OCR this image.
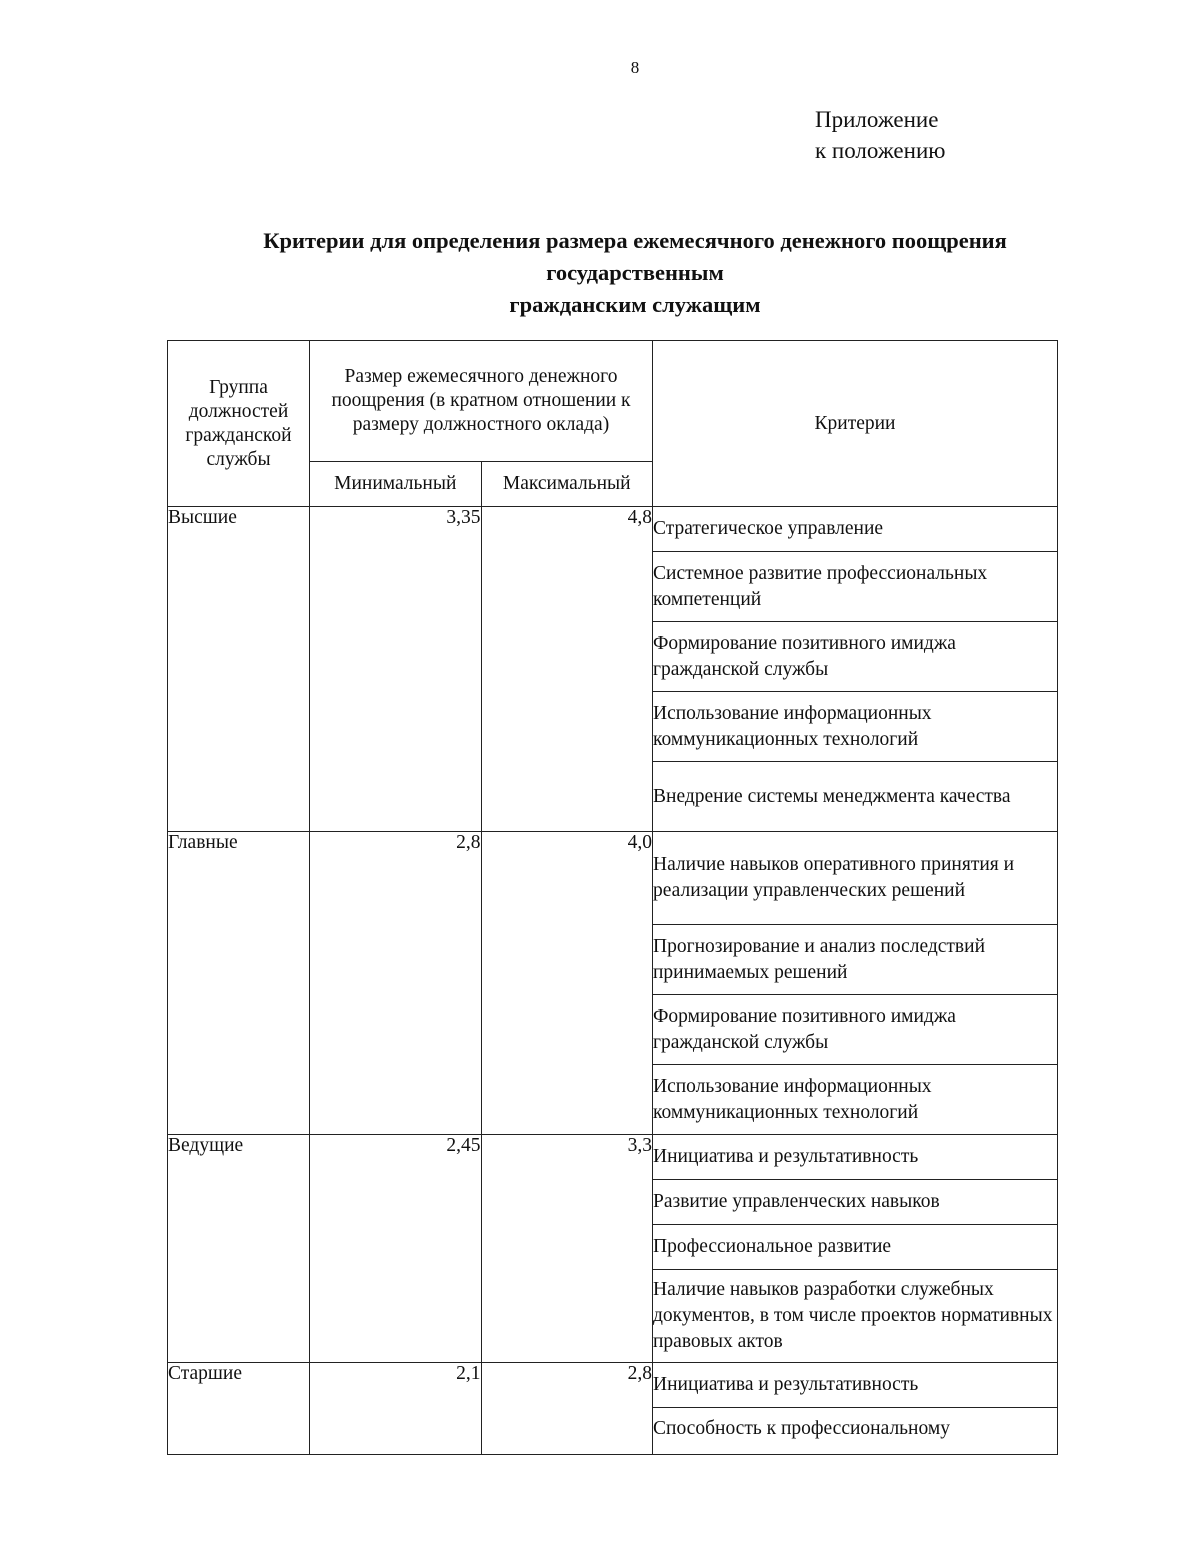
8
Приложение
к положению
Критерии для определения размера ежемесячного денежного поощрения
государственным
гражданским служащим
Группа должностей гражданской службы	Размер ежемесячного денежного поощрения (в кратном отношении к размеру должностного оклада)		Критерии
	Минимальный	Максимальный	
Высшие	3,35	4,8	Стратегическое управление
			Системное развитие профессиональных компетенций
			Формирование позитивного имиджа гражданской службы
			Использование информационных коммуникационных технологий
			Внедрение системы менеджмента качества
Главные	2,8	4,0	Наличие навыков оперативного принятия и реализации управленческих решений
			Прогнозирование и анализ последствий принимаемых решений
			Формирование позитивного имиджа гражданской службы
			Использование информационных коммуникационных технологий
Ведущие	2,45	3,3	Инициатива и результативность
			Развитие управленческих навыков
			Профессиональное развитие
			Наличие навыков разработки служебных документов, в том числе проектов нормативных правовых актов
Старшие	2,1	2,8	Инициатива и результативность
			Способность к профессиональному
